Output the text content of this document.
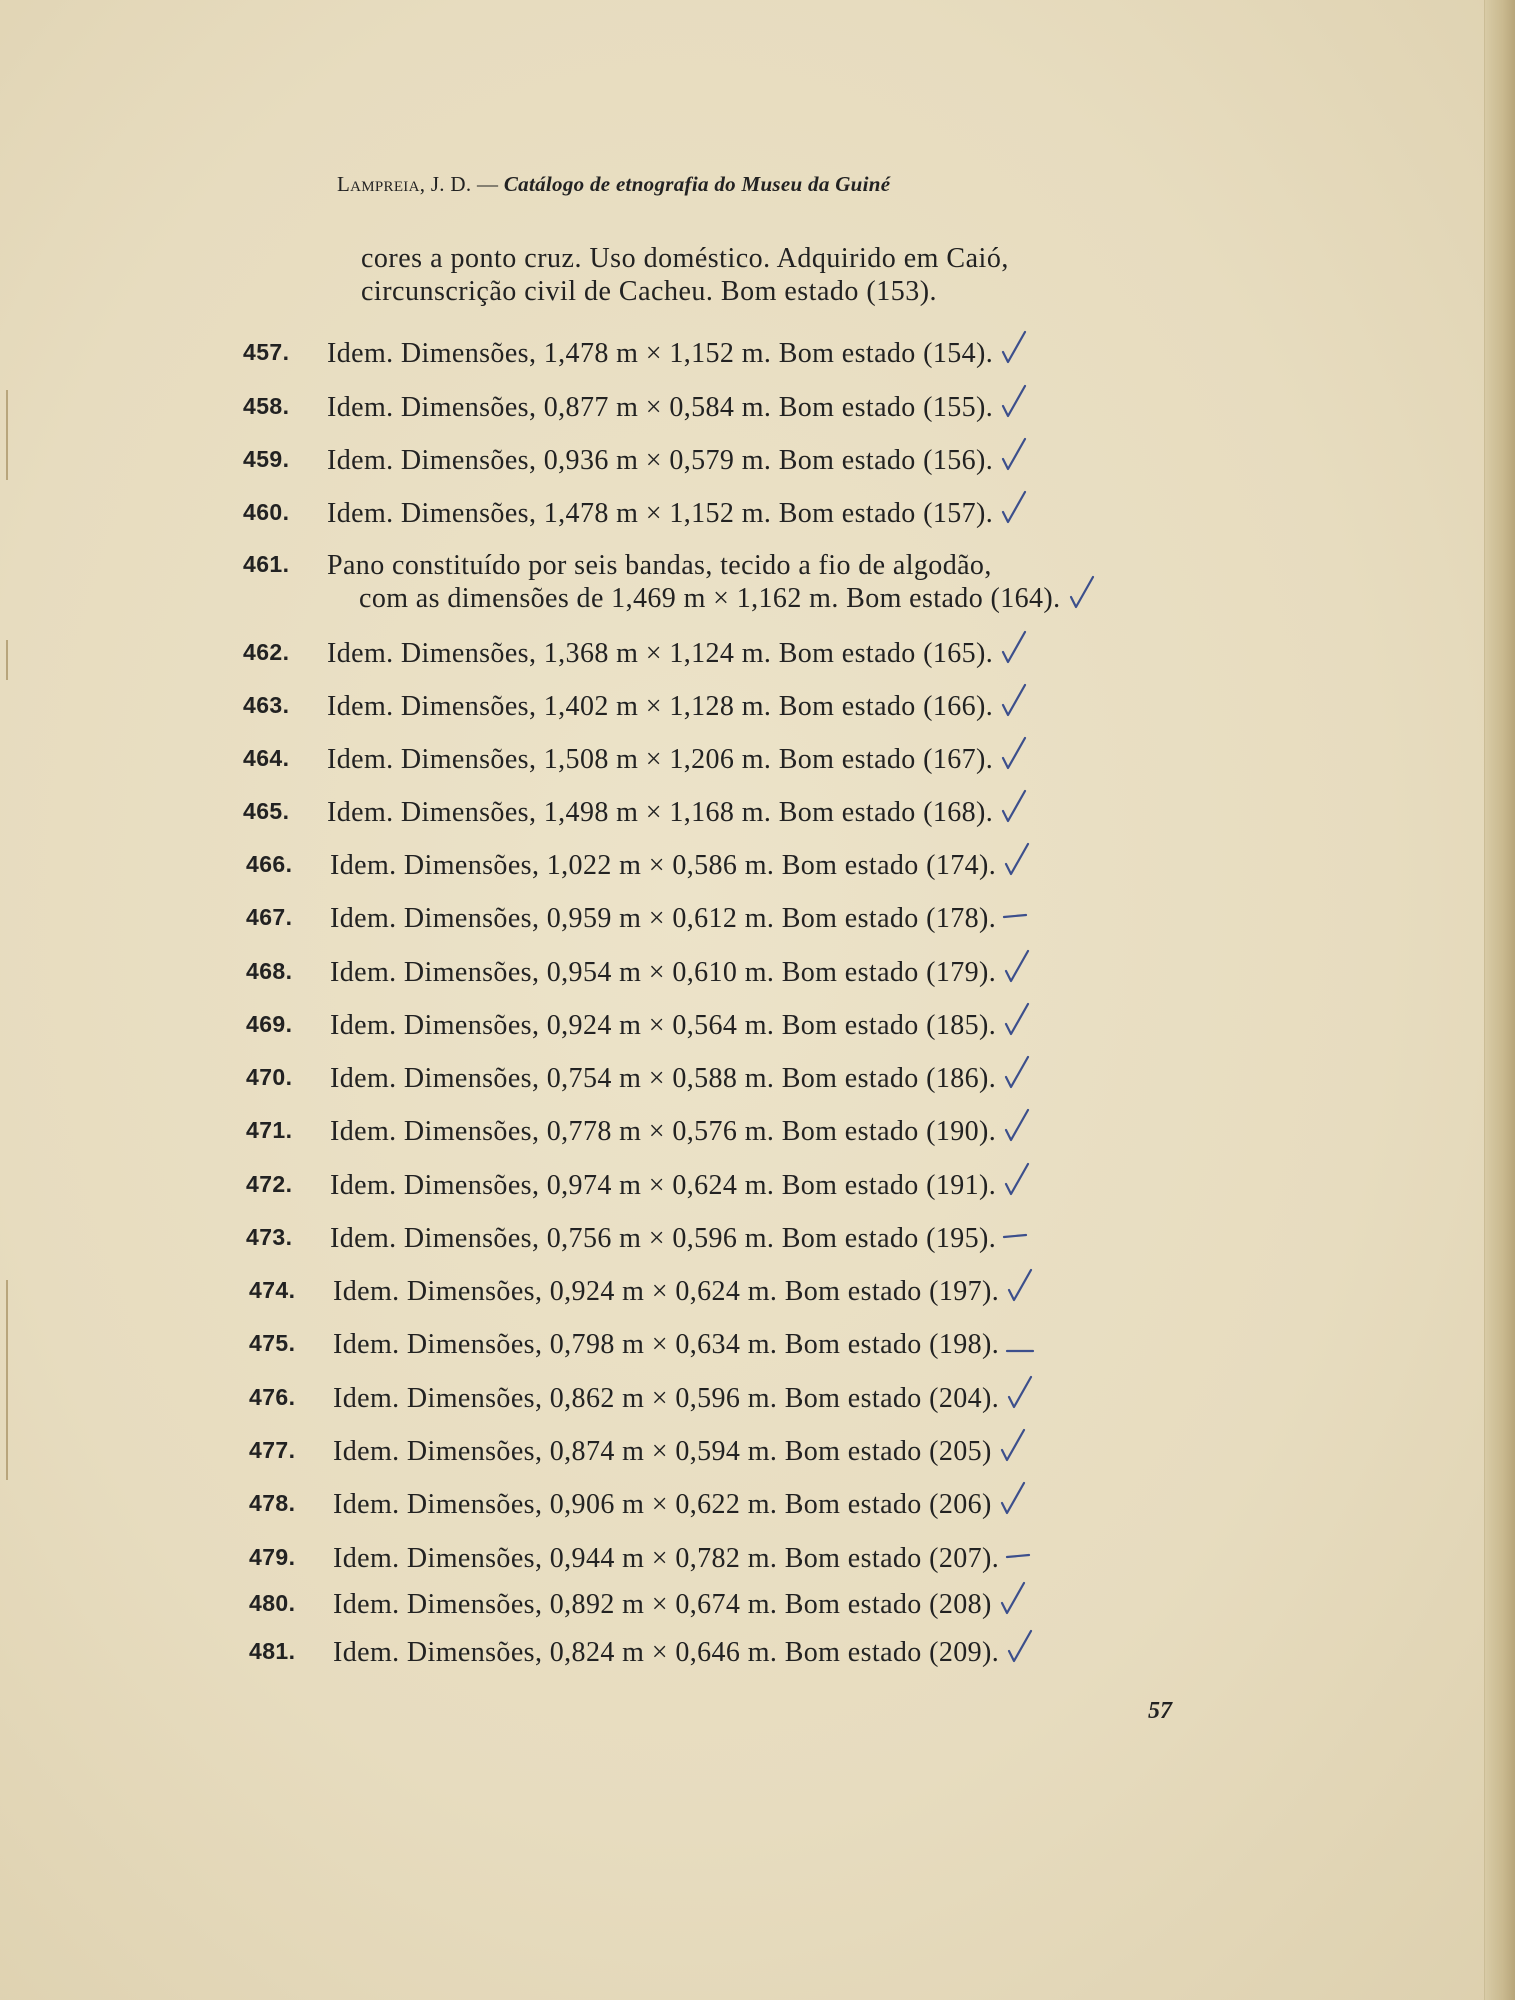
Lampreia, J. D. — Catálogo de etnografia do Museu da Guiné
cores a ponto cruz. Uso doméstico. Adquirido em Caió,
circunscrição civil de Cacheu. Bom estado (153).
457. Idem. Dimensões, 1,478 m × 1,152 m. Bom estado (154).
458. Idem. Dimensões, 0,877 m × 0,584 m. Bom estado (155).
459. Idem. Dimensões, 0,936 m × 0,579 m. Bom estado (156).
460. Idem. Dimensões, 1,478 m × 1,152 m. Bom estado (157).
461. Pano constituído por seis bandas, tecido a fio de algodão,
com as dimensões de 1,469 m × 1,162 m. Bom estado (164).
462. Idem. Dimensões, 1,368 m × 1,124 m. Bom estado (165).
463. Idem. Dimensões, 1,402 m × 1,128 m. Bom estado (166).
464. Idem. Dimensões, 1,508 m × 1,206 m. Bom estado (167).
465. Idem. Dimensões, 1,498 m × 1,168 m. Bom estado (168).
466. Idem. Dimensões, 1,022 m × 0,586 m. Bom estado (174).
467. Idem. Dimensões, 0,959 m × 0,612 m. Bom estado (178).
468. Idem. Dimensões, 0,954 m × 0,610 m. Bom estado (179).
469. Idem. Dimensões, 0,924 m × 0,564 m. Bom estado (185).
470. Idem. Dimensões, 0,754 m × 0,588 m. Bom estado (186).
471. Idem. Dimensões, 0,778 m × 0,576 m. Bom estado (190).
472. Idem. Dimensões, 0,974 m × 0,624 m. Bom estado (191).
473. Idem. Dimensões, 0,756 m × 0,596 m. Bom estado (195).
474. Idem. Dimensões, 0,924 m × 0,624 m. Bom estado (197).
475. Idem. Dimensões, 0,798 m × 0,634 m. Bom estado (198).
476. Idem. Dimensões, 0,862 m × 0,596 m. Bom estado (204).
477. Idem. Dimensões, 0,874 m × 0,594 m. Bom estado (205)
478. Idem. Dimensões, 0,906 m × 0,622 m. Bom estado (206)
479. Idem. Dimensões, 0,944 m × 0,782 m. Bom estado (207).
480. Idem. Dimensões, 0,892 m × 0,674 m. Bom estado (208)
481. Idem. Dimensões, 0,824 m × 0,646 m. Bom estado (209).
57
